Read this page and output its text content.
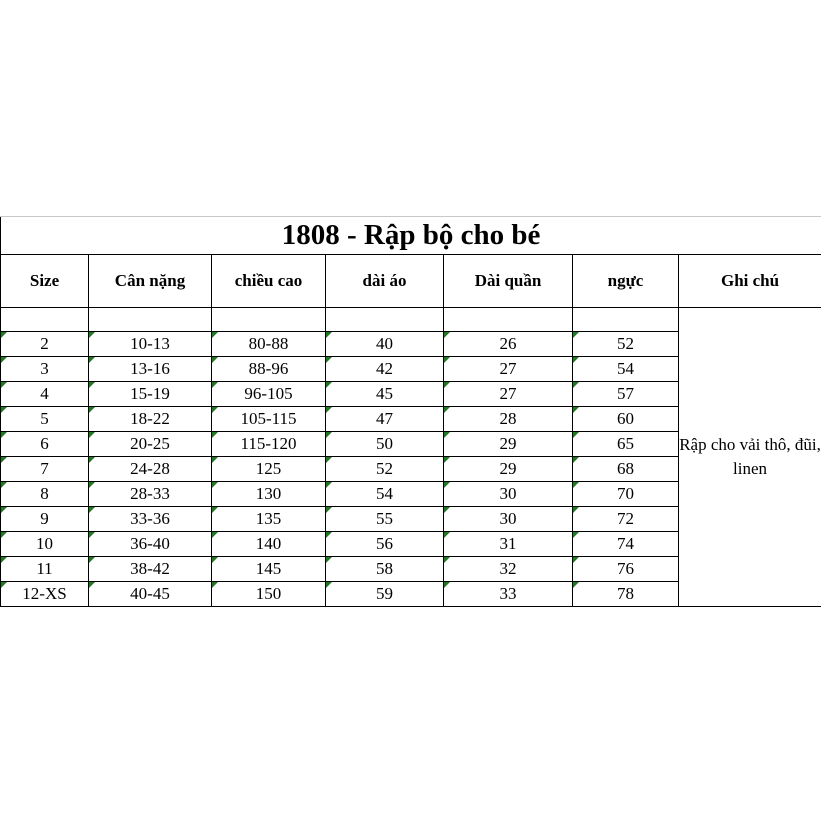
1808 - Rập bộ cho bé						
Size	Cân nặng	chiều cao	dài áo	Dài quần	ngực	Ghi chú
						Rập cho vải thô, đũi, linen
2	10-13	80-88	40	26	52	
3	13-16	88-96	42	27	54	
4	15-19	96-105	45	27	57	
5	18-22	105-115	47	28	60	
6	20-25	115-120	50	29	65	
7	24-28	125	52	29	68	
8	28-33	130	54	30	70	
9	33-36	135	55	30	72	
10	36-40	140	56	31	74	
11	38-42	145	58	32	76	
12-XS	40-45	150	59	33	78	
